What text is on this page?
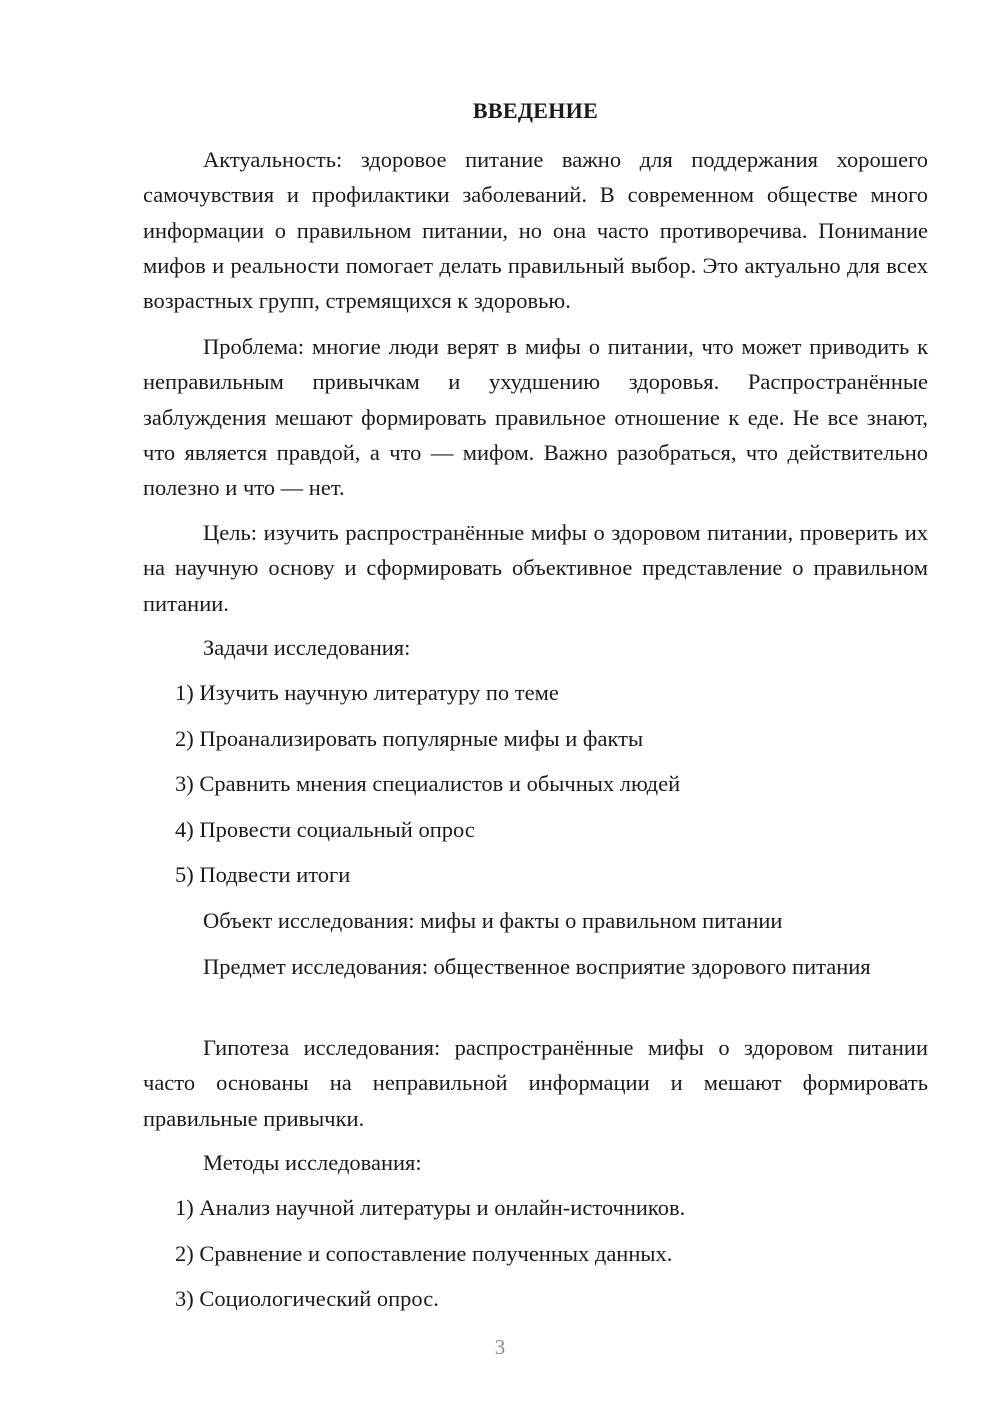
ВВЕДЕНИЕ

Актуальность: здоровое питание важно для поддержания хорошего самочувствия и профилактики заболеваний. В современном обществе много информации о правильном питании, но она часто противоречива. Понимание мифов и реальности помогает делать правильный выбор. Это актуально для всех возрастных групп, стремящихся к здоровью.

Проблема: многие люди верят в мифы о питании, что может приводить к неправильным привычкам и ухудшению здоровья. Распространённые заблуждения мешают формировать правильное отношение к еде. Не все знают, что является правдой, а что — мифом. Важно разобраться, что действительно полезно и что — нет.

Цель: изучить распространённые мифы о здоровом питании, проверить их на научную основу и сформировать объективное представление о правильном питании.

Задачи исследования:
1) Изучить научную литературу по теме
2) Проанализировать популярные мифы и факты
3) Сравнить мнения специалистов и обычных людей
4) Провести социальный опрос
5) Подвести итоги
Объект исследования: мифы и факты о правильном питании

Предмет исследования: общественное восприятие здорового питания

Гипотеза исследования: распространённые мифы о здоровом питании часто основаны на неправильной информации и мешают формировать правильные привычки.

Методы исследования:
1) Анализ научной литературы и онлайн-источников.
2) Сравнение и сопоставление полученных данных.
3) Социологический опрос.
3
